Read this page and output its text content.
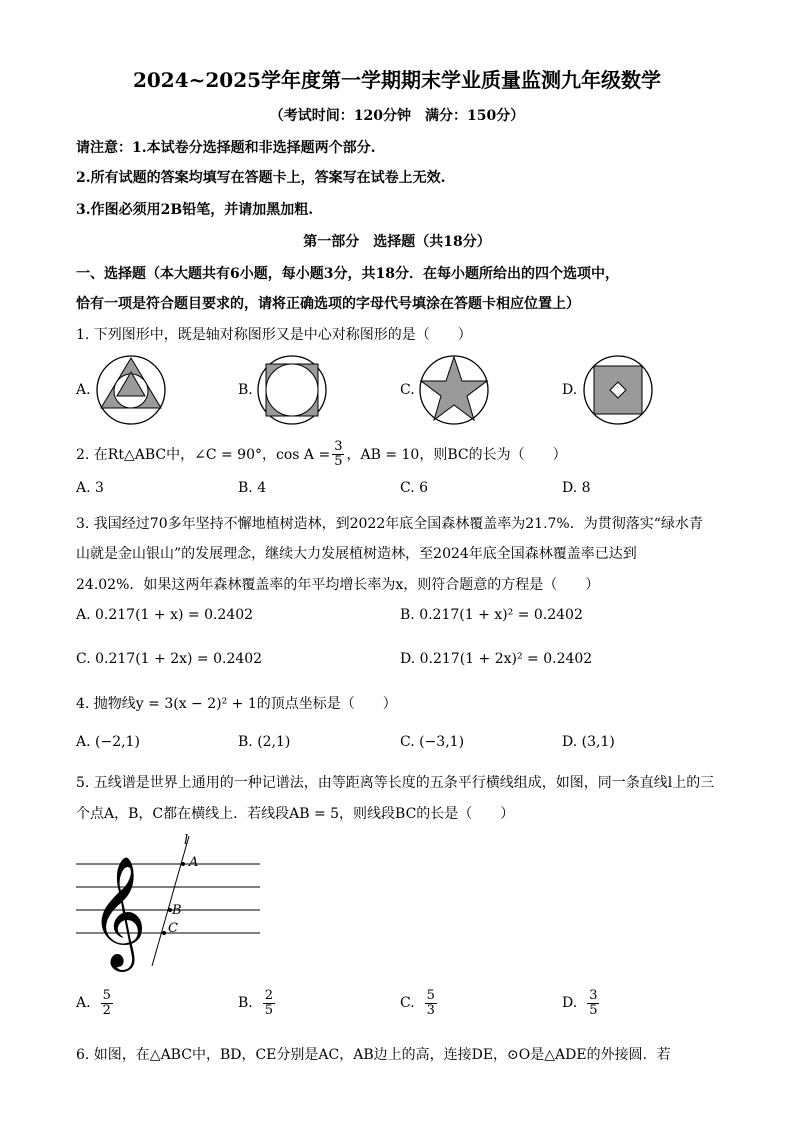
2024~2025学年度第一学期期末学业质量监测九年级数学
（考试时间：120分钟　满分：150分）
请注意：1.本试卷分选择题和非选择题两个部分.
2.所有试题的答案均填写在答题卡上，答案写在试卷上无效.
3.作图必须用2B铅笔，并请加黑加粗.
第一部分　选择题（共18分）
一、选择题（本大题共有6小题，每小题3分，共18分．在每小题所给出的四个选项中，
恰有一项是符合题目要求的，请将正确选项的字母代号填涂在答题卡相应位置上）
1. 下列图形中，既是轴对称图形又是中心对称图形的是（　　）
A.	B.	C.	D.
2. 在Rt△ABC中，∠C = 90°，$\cos A = \frac{3}{5}$ ，AB = 10，则BC的长为（　　）
A. 3	B. 4	C. 6	D. 8
3. 我国经过70多年坚持不懈地植树造林，到2022年底全国森林覆盖率为21.7%．为贯彻落实“绿水青
山就是金山银山”的发展理念，继续大力发展植树造林，至2024年底全国森林覆盖率已达到
24.02%．如果这两年森林覆盖率的年平均增长率为x，则符合题意的方程是（　　）
A. 0.217(1 + x) = 0.2402	B. 0.217(1 + x)² = 0.2402
C. 0.217(1 + 2x) = 0.2402	D. 0.217(1 + 2x)² = 0.2402
4. 抛物线y = 3(x − 2)² + 1的顶点坐标是（　　）
A. (−2,1)	B. (2,1)	C. (−3,1)	D. (3,1)
5. 五线谱是世界上通用的一种记谱法，由等距离等长度的五条平行横线组成，如图，同一条直线l上的三
个点A，B，C都在横线上．若线段AB = 5，则线段BC的长是（　　）
𝄞
l
A
B
C
A. $\frac{5}{2}$	B. $\frac{2}{5}$	C. $\frac{5}{3}$	D. $\frac{3}{5}$
6. 如图，在△ABC中，BD，CE分别是AC，AB边上的高，连接DE，⊙O是△ADE的外接圆．若
